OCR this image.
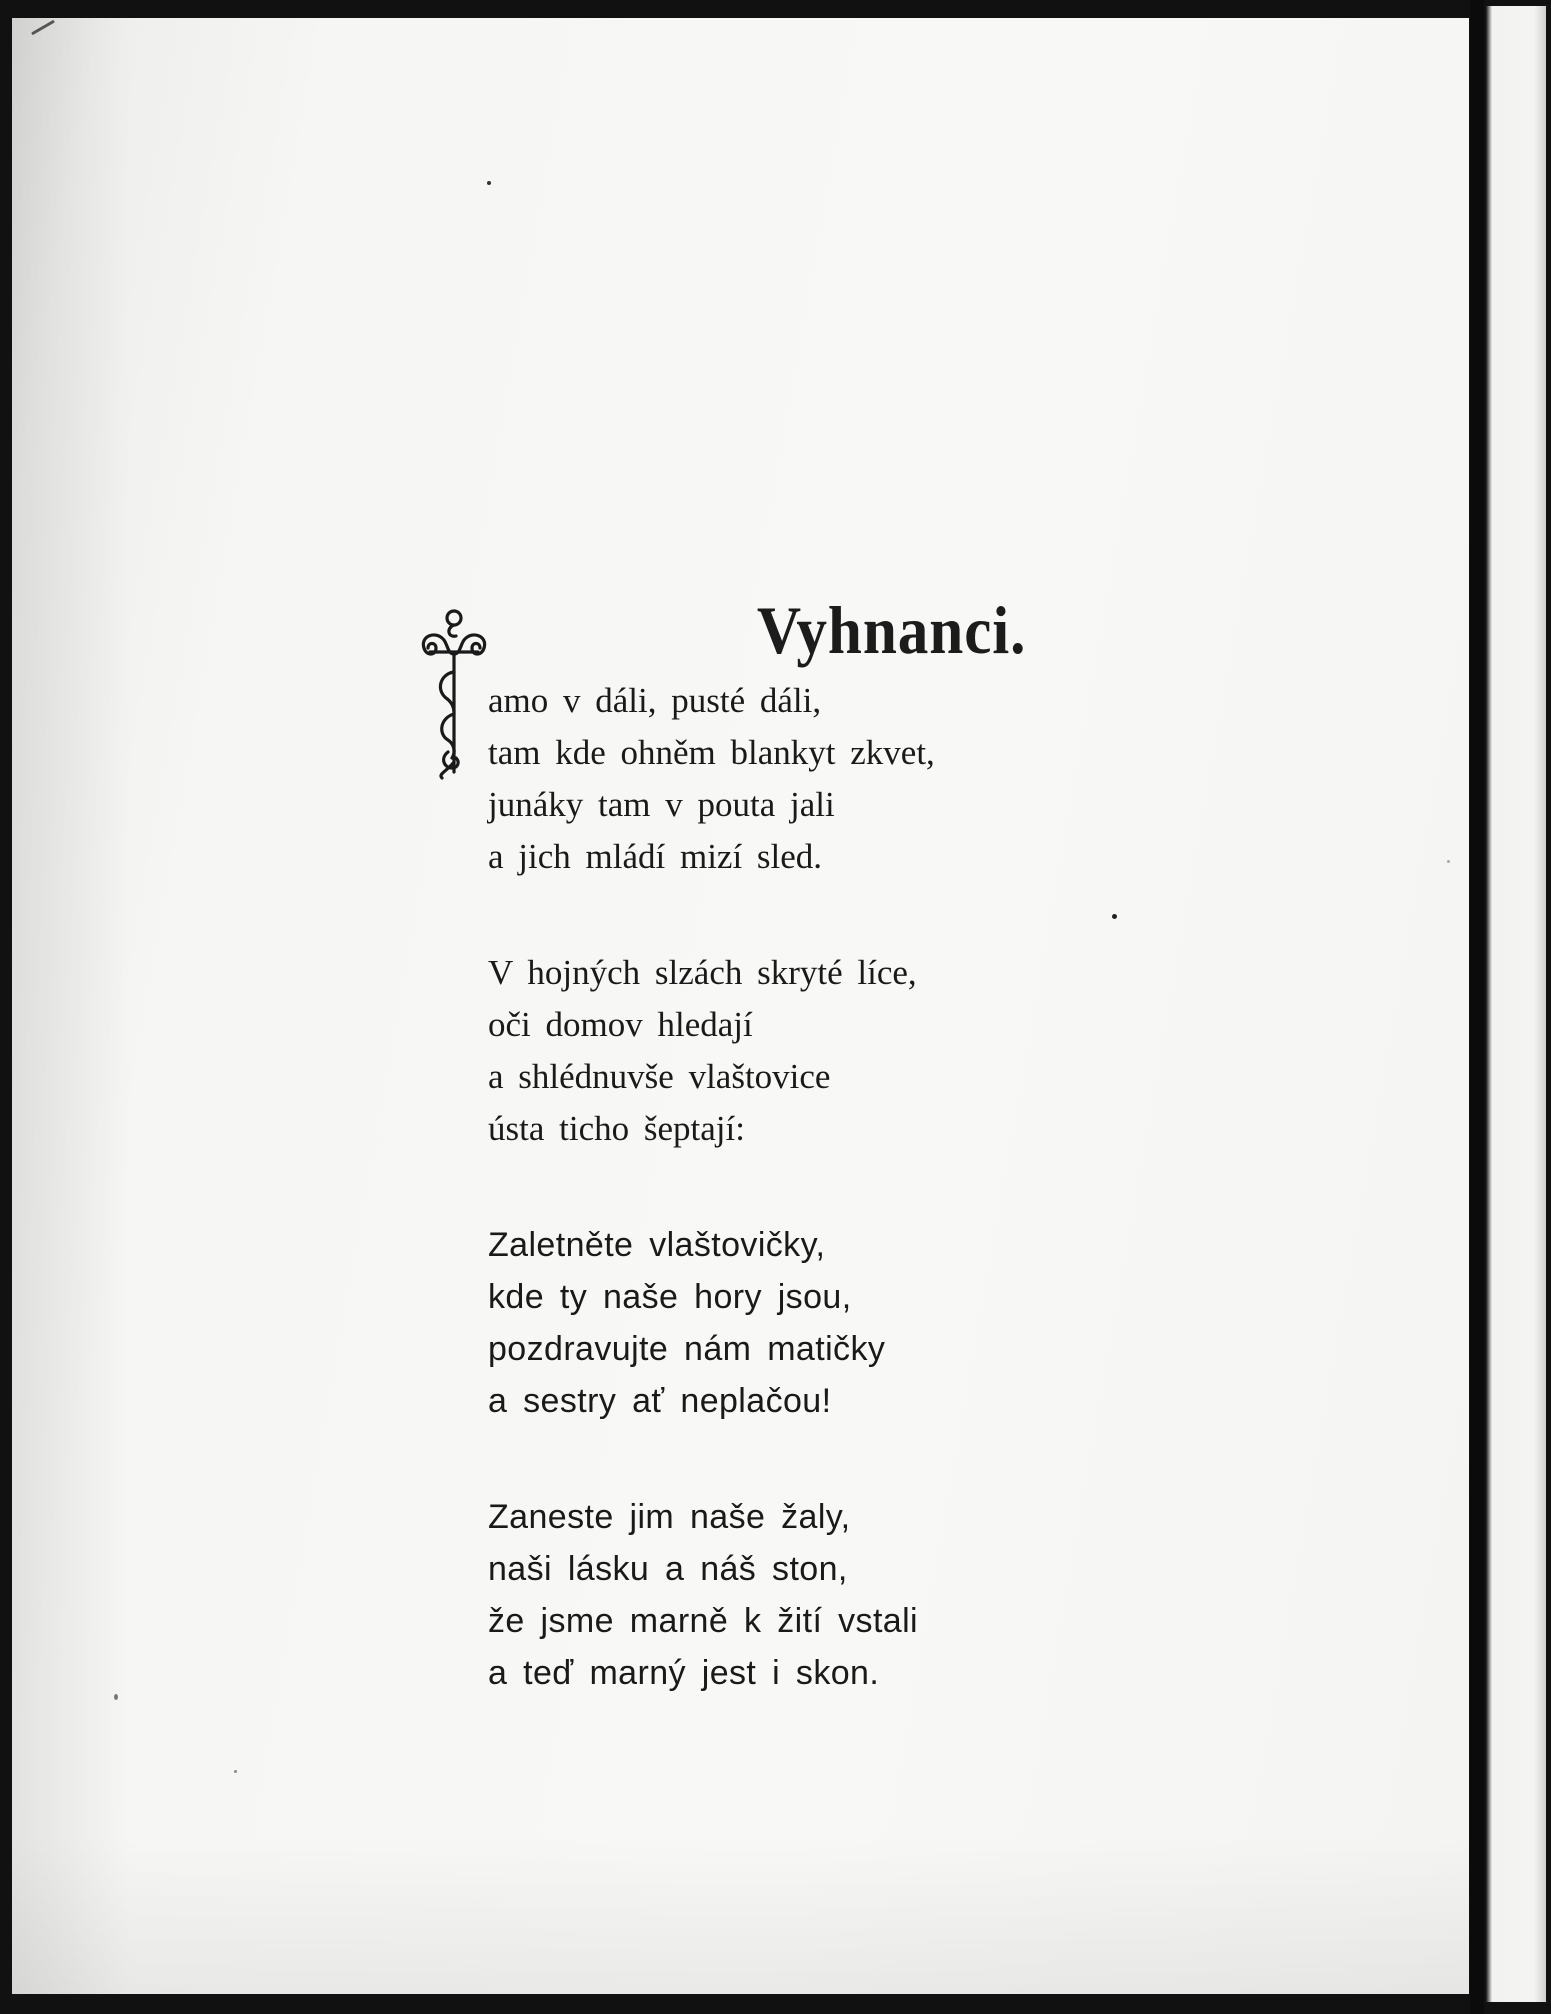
Vyhnanci.
amo v dáli, pusté dáli,
tam kde ohněm blankyt zkvet,
junáky tam v pouta jali
a jich mládí mizí sled.
V hojných slzách skryté líce,
oči domov hledají
a shlédnuvše vlaštovice
ústa ticho šeptají:
Zaletněte vlaštovičky,
kde ty naše hory jsou,
pozdravujte nám matičky
a sestry ať neplačou!
Zaneste jim naše žaly,
naši lásku a náš ston,
že jsme marně k žití vstali
a teď marný jest i skon.
